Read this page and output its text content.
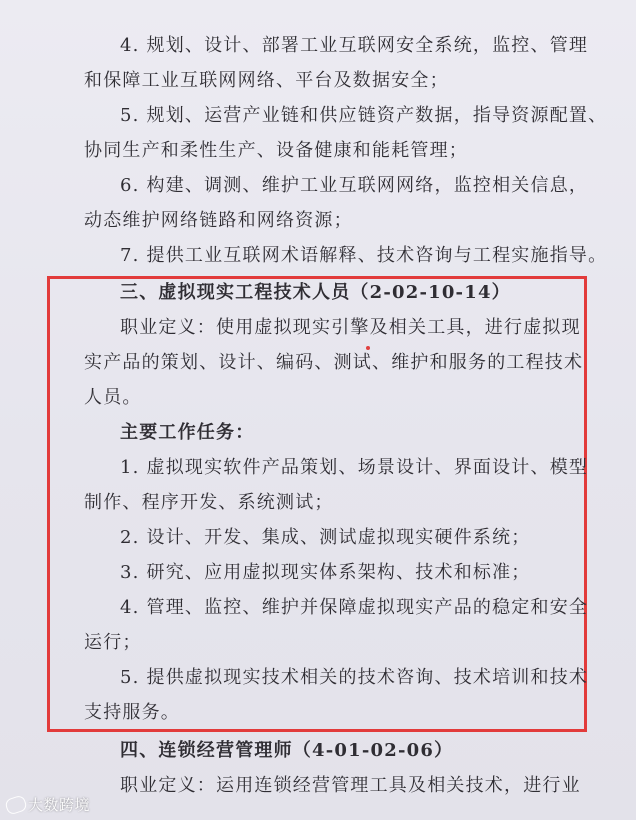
4. 规划、设计、部署工业互联网安全系统，监控、管理
和保障工业互联网网络、平台及数据安全；
5. 规划、运营产业链和供应链资产数据，指导资源配置、
协同生产和柔性生产、设备健康和能耗管理；
6. 构建、调测、维护工业互联网网络，监控相关信息，
动态维护网络链路和网络资源；
7. 提供工业互联网术语解释、技术咨询与工程实施指导。
三、虚拟现实工程技术人员（2-02-10-14）
职业定义：使用虚拟现实引擎及相关工具，进行虚拟现
实产品的策划、设计、编码、测试、维护和服务的工程技术
人员。
主要工作任务：
1. 虚拟现实软件产品策划、场景设计、界面设计、模型
制作、程序开发、系统测试；
2. 设计、开发、集成、测试虚拟现实硬件系统；
3. 研究、应用虚拟现实体系架构、技术和标准；
4. 管理、监控、维护并保障虚拟现实产品的稳定和安全
运行；
5. 提供虚拟现实技术相关的技术咨询、技术培训和技术
支持服务。
四、连锁经营管理师（4-01-02-06）
职业定义：运用连锁经营管理工具及相关技术，进行业
大数跨境
